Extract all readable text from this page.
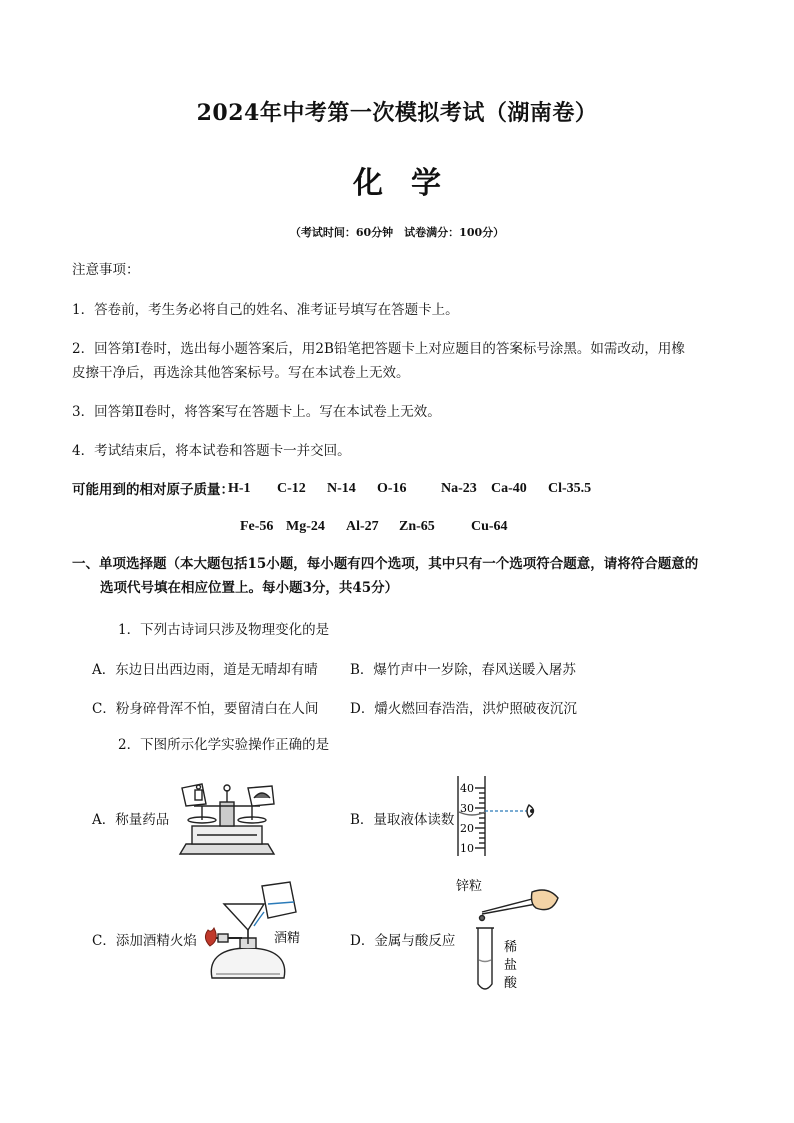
2024年中考第一次模拟考试（湖南卷）
化学
（考试时间：60分钟　试卷满分：100分）
注意事项：
1．答卷前，考生务必将自己的姓名、准考证号填写在答题卡上。
2．回答第Ⅰ卷时，选出每小题答案后，用2B铅笔把答题卡上对应题目的答案标号涂黑。如需改动，用橡
皮擦干净后，再选涂其他答案标号。写在本试卷上无效。
3．回答第Ⅱ卷时，将答案写在答题卡上。写在本试卷上无效。
4．考试结束后，将本试卷和答题卡一并交回。
可能用到的相对原子质量：
H-1 C-12 N-14 O-16 Na-23 Ca-40 Cl-35.5
Fe-56 Mg-24 Al-27 Zn-65	Cu-64
一、单项选择题（本大题包括15小题，每小题有四个选项，其中只有一个选项符合题意，请将符合题意的
选项代号填在相应位置上。每小题3分，共45分）
1．下列古诗词只涉及物理变化的是
A．东边日出西边雨，道是无晴却有晴 B．爆竹声中一岁除，春风送暖入屠苏
C．粉身碎骨浑不怕，要留清白在人间 D．爝火燃回春浩浩，洪炉照破夜沉沉
2．下图所示化学实验操作正确的是
A．称量药品	B．量取液体读数
C．添加酒精火焰	D．金属与酸反应
40
30
20
10
酒精
锌粒
稀
盐
酸
